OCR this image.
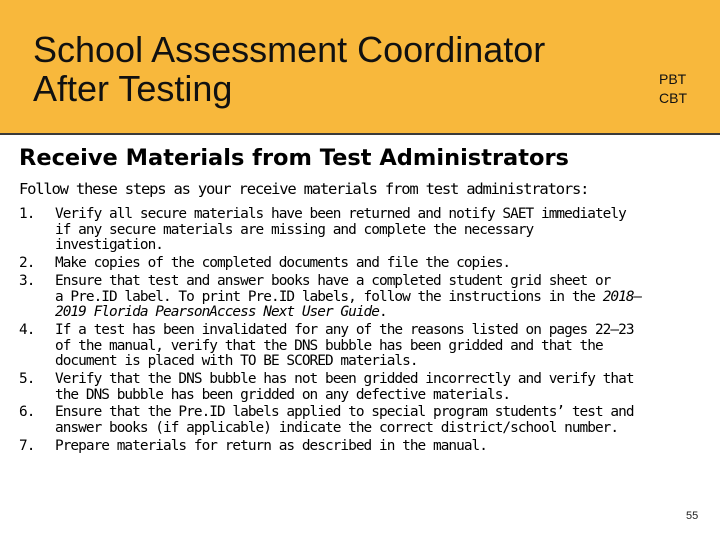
School Assessment Coordinator
After Testing	PBT
CBT
Receive Materials from Test Administrators
Follow these steps as your receive materials from test administrators:
1. Verify all secure materials have been returned and notify SAET immediately
if any secure materials are missing and complete the necessary
investigation.
2. Make copies of the completed documents and file the copies.
3. Ensure that test and answer books have a completed student grid sheet or
a Pre.ID label. To print Pre.ID labels, follow the instructions in the 2018–
2019 Florida PearsonAccess Next User Guide.
4. If a test has been invalidated for any of the reasons listed on pages 22–23
of the manual, verify that the DNS bubble has been gridded and that the
document is placed with TO BE SCORED materials.
5. Verify that the DNS bubble has not been gridded incorrectly and verify that
the DNS bubble has been gridded on any defective materials.
6. Ensure that the Pre.ID labels applied to special program students’ test and
answer books (if applicable) indicate the correct district/school number.
7. Prepare materials for return as described in the manual.
55
